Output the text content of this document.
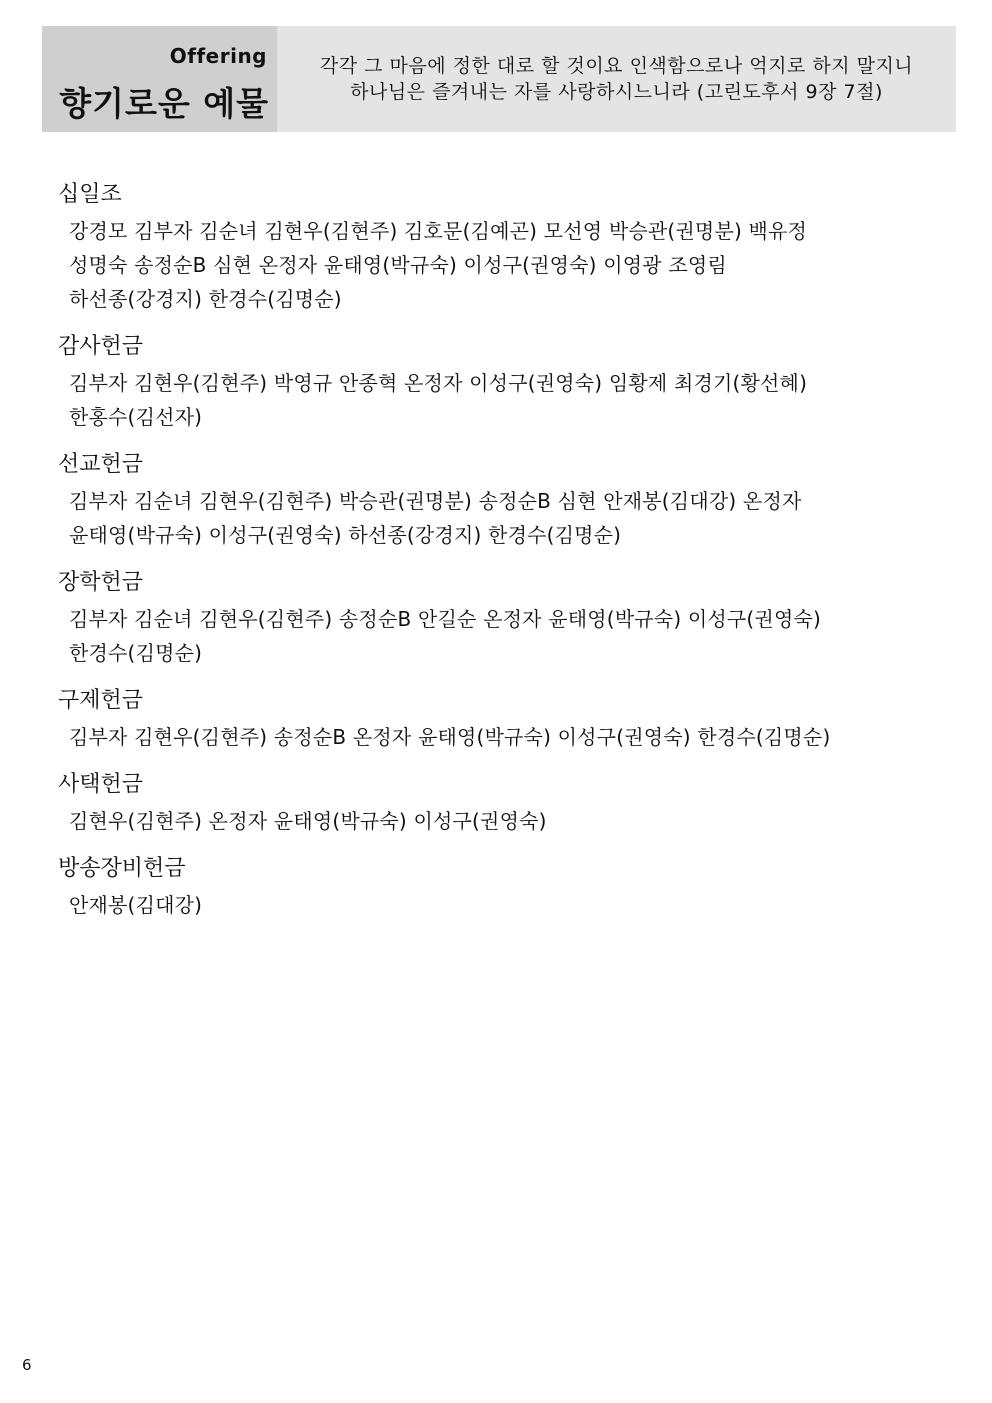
Offering
향기로운 예물
각각 그 마음에 정한 대로 할 것이요 인색함으로나 억지로 하지 말지니
하나님은 즐겨내는 자를 사랑하시느니라 (고린도후서 9장 7절)
십일조
강경모 김부자 김순녀 김현우(김현주) 김호문(김예곤) 모선영 박승관(권명분) 백유정
성명숙 송정순B 심현 온정자 윤태영(박규숙) 이성구(권영숙) 이영광 조영림
하선종(강경지) 한경수(김명순)
감사헌금
김부자 김현우(김현주) 박영규 안종혁 온정자 이성구(권영숙) 임황제 최경기(황선혜)
한홍수(김선자)
선교헌금
김부자 김순녀 김현우(김현주) 박승관(권명분) 송정순B 심현 안재봉(김대강) 온정자
윤태영(박규숙) 이성구(권영숙) 하선종(강경지) 한경수(김명순)
장학헌금
김부자 김순녀 김현우(김현주) 송정순B 안길순 온정자 윤태영(박규숙) 이성구(권영숙)
한경수(김명순)
구제헌금
김부자 김현우(김현주) 송정순B 온정자 윤태영(박규숙) 이성구(권영숙) 한경수(김명순)
사택헌금
김현우(김현주) 온정자 윤태영(박규숙) 이성구(권영숙)
방송장비헌금
안재봉(김대강)
6
